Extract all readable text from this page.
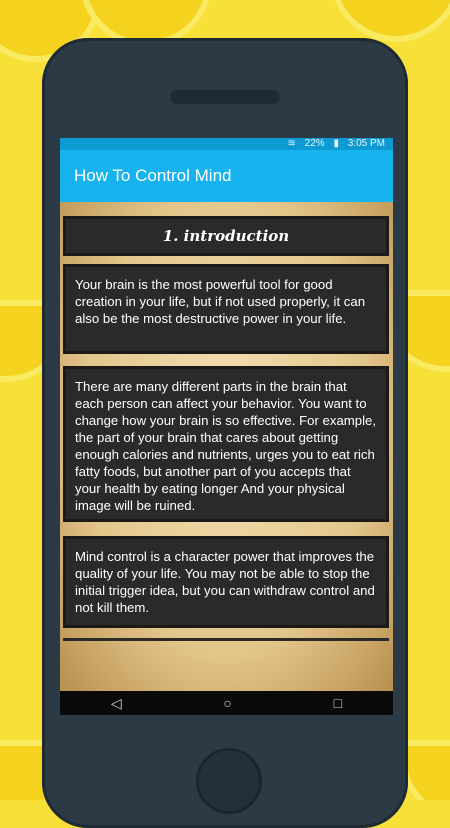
≋ 22% ▮ 3:05 PM
How To Control Mind
1. introduction
Your brain is the most powerful tool for good creation in your life, but if not used properly, it can also be the most destructive power in your life.
There are many different parts in the brain that each person can affect your behavior. You want to change how your brain is so effective. For example, the part of your brain that cares about getting enough calories and nutrients, urges you to eat rich fatty foods, but another part of you accepts that your health by eating longer And your physical image will be ruined.
Mind control is a character power that improves the quality of your life. You may not be able to stop the initial trigger idea, but you can withdraw control and not kill them.
◁	○	□
